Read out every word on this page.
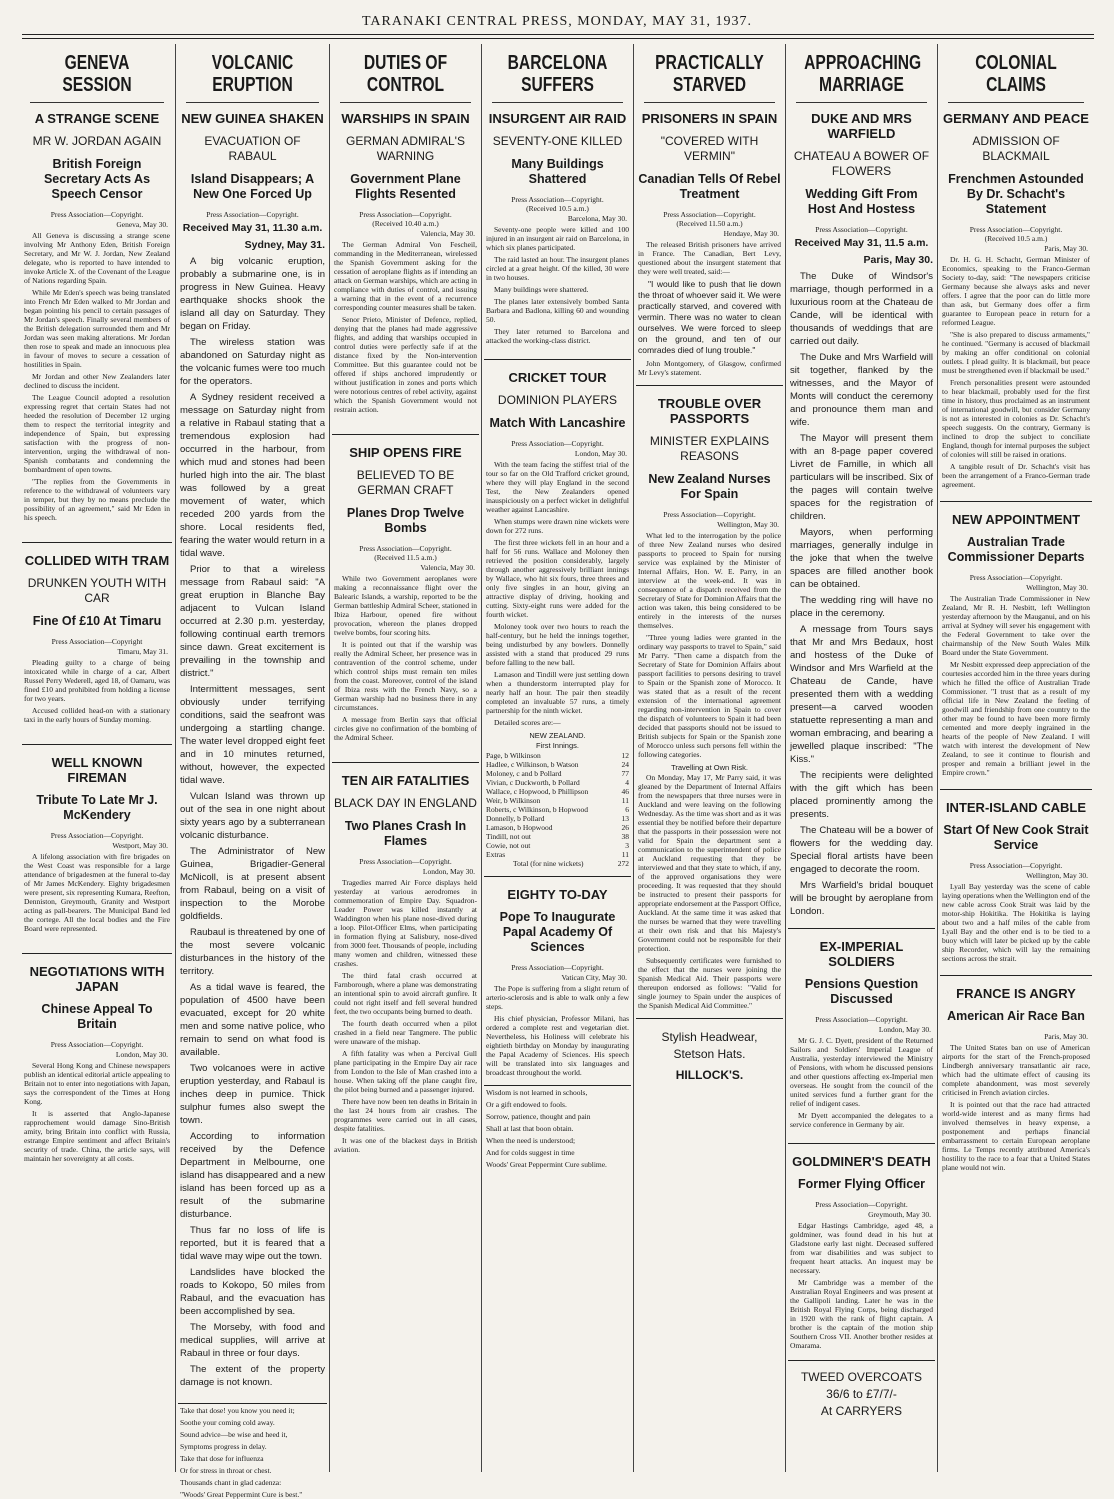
TARANAKI CENTRAL PRESS, MONDAY, MAY 31, 1937.
GENEVA SESSION
A STRANGE SCENE
MR W. JORDAN AGAIN
British Foreign Secretary Acts As Speech Censor
Press Association—Copyright.
Geneva, May 30.

All Geneva is discussing a strange scene involving Mr Anthony Eden, British Foreign Secretary, and Mr W. J. Jordan, New Zealand delegate, who is reported to have intended to invoke Article X. of the Covenant of the League of Nations regarding Spain.

While Mr Eden's speech was being translated into French Mr Eden walked to Mr Jordan and began pointing his pencil to certain passages of Mr Jordan's speech. Finally several members of the British delegation surrounded them and Mr Jordan was seen making alterations. Mr Jordan then rose to speak and made an innocuous plea in favour of moves to secure a cessation of hostilities in Spain.

Mr Jordan and other New Zealanders later declined to discuss the incident.

The League Council adopted a resolution expressing regret that certain States had not heeded the resolution of December 12 urging them to respect the territorial integrity and independence of Spain, but expressing satisfaction with the progress of non-intervention, urging the withdrawal of non-Spanish combatants and condemning the bombardment of open towns.

"The replies from the Governments in reference to the withdrawal of volunteers vary in temper, but they by no means preclude the possibility of an agreement," said Mr Eden in his speech.

COLLIDED WITH TRAM
DRUNKEN YOUTH WITH CAR
Fine Of £10 At Timaru
Press Association—Copyright
Timaru, May 31.

Pleading guilty to a charge of being intoxicated while in charge of a car, Albert Russel Perry Wederell, aged 18, of Oamaru, was fined £10 and prohibited from holding a license for two years.

Accused collided head-on with a stationary taxi in the early hours of Sunday morning.

WELL KNOWN FIREMAN
Tribute To Late Mr J. McKendery
Press Association—Copyright.
Westport, May 30.

A lifelong association with fire brigades on the West Coast was responsible for a large attendance of brigadesmen at the funeral to-day of Mr James McKendery. Eighty brigadesmen were present, six representing Kumara, Reefton, Denniston, Greymouth, Granity and Westport acting as pall-bearers. The Municipal Band led the cortege. All the local bodies and the Fire Board were represented.

NEGOTIATIONS WITH JAPAN
Chinese Appeal To Britain
Press Association—Copyright.
London, May 30.

Several Hong Kong and Chinese newspapers publish an identical editorial article appealing to Britain not to enter into negotiations with Japan, says the correspondent of the Times at Hong Kong.

It is asserted that Anglo-Japanese rapprochement would damage Sino-British amity, bring Britain into conflict with Russia, estrange Empire sentiment and affect Britain's security of trade. China, the article says, will maintain her sovereignty at all costs.

VOLCANIC ERUPTION
NEW GUINEA SHAKEN
EVACUATION OF RABAUL
Island Disappears; A New One Forced Up
Press Association—Copyright.
Received May 31, 11.30 a.m.
Sydney, May 31.

A big volcanic eruption, probably a submarine one, is in progress in New Guinea. Heavy earthquake shocks shook the island all day on Saturday. They began on Friday.

The wireless station was abandoned on Saturday night as the volcanic fumes were too much for the operators.

A Sydney resident received a message on Saturday night from a relative in Rabaul stating that a tremendous explosion had occurred in the harbour, from which mud and stones had been hurled high into the air. The blast was followed by a great movement of water, which receded 200 yards from the shore. Local residents fled, fearing the water would return in a tidal wave.

Prior to that a wireless message from Rabaul said: "A great eruption in Blanche Bay adjacent to Vulcan Island occurred at 2.30 p.m. yesterday, following continual earth tremors since dawn. Great excitement is prevailing in the township and district."

Intermittent messages, sent obviously under terrifying conditions, said the seafront was undergoing a startling change. The water level dropped eight feet and in 10 minutes returned, without, however, the expected tidal wave.

Vulcan Island was thrown up out of the sea in one night about sixty years ago by a subterranean volcanic disturbance.

The Administrator of New Guinea, Brigadier-General McNicoll, is at present absent from Rabaul, being on a visit of inspection to the Morobe goldfields.

Raubaul is threatened by one of the most severe volcanic disturbances in the history of the territory.

As a tidal wave is feared, the population of 4500 have been evacuated, except for 20 white men and some native police, who remain to send on what food is available.

Two volcanoes were in active eruption yesterday, and Rabaul is inches deep in pumice. Thick sulphur fumes also swept the town.

According to information received by the Defence Department in Melbourne, one island has disappeared and a new island has been forced up as a result of the submarine disturbance.

Thus far no loss of life is reported, but it is feared that a tidal wave may wipe out the town.

Landslides have blocked the roads to Kokopo, 50 miles from Rabaul, and the evacuation has been accomplished by sea.

The Morseby, with food and medical supplies, will arrive at Rabaul in three or four days.

The extent of the property damage is not known.

Take that dose! you know you need it;
Soothe your coming cold away.
Sound advice—be wise and heed it,
Symptoms progress in delay.
Take that dose for influenza
Or for stress in throat or chest.
Thousands chant in glad cadenza:
"Woods' Great Peppermint Cure is best."
DUTIES OF CONTROL
WARSHIPS IN SPAIN
GERMAN ADMIRAL'S WARNING
Government Plane Flights Resented
Press Association—Copyright.
(Received 10.40 a.m.)
Valencia, May 30.

The German Admiral Von Fescheil, commanding in the Mediterranean, wirelessed the Spanish Government asking for the cessation of aeroplane flights as if intending an attack on German warships, which are acting in compliance with duties of control, and issuing a warning that in the event of a recurrence corresponding counter measures shall be taken.

Senor Prieto, Minister of Defence, replied, denying that the planes had made aggressive flights, and adding that warships occupied in control duties were perfectly safe if at the distance fixed by the Non-intervention Committee. But this guarantee could not be offered if ships anchored imprudently or without justification in zones and ports which were notorious centres of rebel activity, against which the Spanish Government would not restrain action.

SHIP OPENS FIRE
BELIEVED TO BE GERMAN CRAFT
Planes Drop Twelve Bombs
Press Association—Copyright.
(Received 11.5 a.m.)
Valencia, May 30.

While two Government aeroplanes were making a reconnaissance flight over the Balearic Islands, a warship, reported to be the German battleship Admiral Scheer, stationed in Ibiza Harbour, opened fire without provocation, whereon the planes dropped twelve bombs, four scoring hits.

It is pointed out that if the warship was really the Admiral Scheer, her presence was in contravention of the control scheme, under which control ships must remain ten miles from the coast. Moreover, control of the island of Ibiza rests with the French Navy, so a German warship had no business there in any circumstances.

A message from Berlin says that official circles give no confirmation of the bombing of the Admiral Scheer.

TEN AIR FATALITIES
BLACK DAY IN ENGLAND
Two Planes Crash In Flames
Press Association—Copyright.
London, May 30.

Tragedies marred Air Force displays held yesterday at various aerodromes in commemoration of Empire Day. Squadron-Leader Power was killed instantly at Waddington when his plane nose-dived during a loop. Pilot-Officer Elms, when participating in formation flying at Salisbury, nose-dived from 3000 feet. Thousands of people, including many women and children, witnessed these crashes.

The third fatal crash occurred at Farnborough, where a plane was demonstrating an intentional spin to avoid aircraft gunfire. It could not right itself and fell several hundred feet, the two occupants being burned to death.

The fourth death occurred when a pilot crashed in a field near Tangmere. The public were unaware of the mishap.

A fifth fatality was when a Percival Gull plane participating in the Empire Day air race from London to the Isle of Man crashed into a house. When taking off the plane caught fire, the pilot being burned and a passenger injured.

There have now been ten deaths in Britain in the last 24 hours from air crashes. The programmes were carried out in all cases, despite fatalities.

It was one of the blackest days in British aviation.

BARCELONA SUFFERS
INSURGENT AIR RAID
SEVENTY-ONE KILLED
Many Buildings Shattered
Press Association—Copyright.
(Received 10.5 a.m.)
Barcelona, May 30.

Seventy-one people were killed and 100 injured in an insurgent air raid on Barcelona, in which six planes participated.

The raid lasted an hour. The insurgent planes circled at a great height. Of the killed, 30 were in two houses.

Many buildings were shattered.

The planes later extensively bombed Santa Barbara and Badlona, killing 60 and wounding 50.

They later returned to Barcelona and attacked the working-class district.

CRICKET TOUR
DOMINION PLAYERS
Match With Lancashire
Press Association—Copyright.
London, May 30.

With the team facing the stiffest trial of the tour so far on the Old Trafford cricket ground, where they will play England in the second Test, the New Zealanders opened inauspiciously on a perfect wicket in delightful weather against Lancashire.

When stumps were drawn nine wickets were down for 272 runs.

The first three wickets fell in an hour and a half for 56 runs. Wallace and Moloney then retrieved the position considerably, largely through another aggressively brilliant innings by Wallace, who hit six fours, three threes and only five singles in an hour, giving an attractive display of driving, hooking and cutting. Sixty-eight runs were added for the fourth wicket.

Moloney took over two hours to reach the half-century, but he held the innings together, being undisturbed by any bowlers. Donnelly assisted with a stand that produced 29 runs before falling to the new ball.

Lamason and Tindill were just settling down when a thunderstorm interrupted play for nearly half an hour. The pair then steadily completed an invaluable 57 runs, a timely partnership for the ninth wicket.

Detailed scores are:—

NEW ZEALAND.
First Innings.
Page, b Wilkinson	12
Hadlee, c Wilkinson, b Watson	24
Moloney, c and b Pollard	77
Vivian, c Duckworth, b Pollard	4
Wallace, c Hopwood, b Phillipson	46
Weir, b Wilkinson	11
Roberts, c Wilkinson, b Hopwood	6
Donnelly, b Pollard	13
Lamason, b Hopwood	26
Tindill, not out	38
Cowie, not out	3
Extras	11
Total (for nine wickets)	272
EIGHTY TO-DAY
Pope To Inaugurate Papal Academy Of Sciences
Press Association—Copyright.
Vatican City, May 30.

The Pope is suffering from a slight return of arterio-sclerosis and is able to walk only a few steps.

His chief physician, Professor Milani, has ordered a complete rest and vegetarian diet. Nevertheless, his Holiness will celebrate his eightieth birthday on Monday by inaugurating the Papal Academy of Sciences. His speech will be translated into six languages and broadcast throughout the world.

Wisdom is not learned in schools,
Or a gift endowed to fools.
Sorrow, patience, thought and pain
Shall at last that boon obtain.
When the need is understood;
And for colds suggest in time
Woods' Great Peppermint Cure sublime.
PRACTICALLY STARVED
PRISONERS IN SPAIN
"COVERED WITH VERMIN"
Canadian Tells Of Rebel Treatment
Press Association—Copyright.
(Received 11.50 a.m.)
Hendaye, May 30.

The released British prisoners have arrived in France. The Canadian, Bert Levy, questioned about the insurgent statement that they were well treated, said:—

"I would like to push that lie down the throat of whoever said it. We were practically starved, and covered with vermin. There was no water to clean ourselves. We were forced to sleep on the ground, and ten of our comrades died of lung trouble."

John Montgomery, of Glasgow, confirmed Mr Levy's statement.

TROUBLE OVER PASSPORTS
MINISTER EXPLAINS REASONS
New Zealand Nurses For Spain
Press Association—Copyright.
Wellington, May 30.

What led to the interrogation by the police of three New Zealand nurses who desired passports to proceed to Spain for nursing service was explained by the Minister of Internal Affairs, Hon. W. E. Parry, in an interview at the week-end. It was in consequence of a dispatch received from the Secretary of State for Dominion Affairs that the action was taken, this being considered to be entirely in the interests of the nurses themselves.

"Three young ladies were granted in the ordinary way passports to travel to Spain," said Mr Parry. "Then came a dispatch from the Secretary of State for Dominion Affairs about passport facilities to persons desiring to travel to Spain or the Spanish zone of Morocco. It was stated that as a result of the recent extension of the international agreement regarding non-intervention in Spain to cover the dispatch of volunteers to Spain it had been decided that passports should not be issued to British subjects for Spain or the Spanish zone of Morocco unless such persons fell within the following categories.

Travelling at Own Risk.

On Monday, May 17, Mr Parry said, it was gleaned by the Department of Internal Affairs from the newspapers that three nurses were in Auckland and were leaving on the following Wednesday. As the time was short and as it was essential they be notified before their departure that the passports in their possession were not valid for Spain the department sent a communication to the superintendent of police at Auckland requesting that they be interviewed and that they state to which, if any, of the approved organisations they were proceeding. It was requested that they should be instructed to present their passports for appropriate endorsement at the Passport Office, Auckland. At the same time it was asked that the nurses be warned that they were travelling at their own risk and that his Majesty's Government could not be responsible for their protection.

Subsequently certificates were furnished to the effect that the nurses were joining the Spanish Medical Aid. Their passports were thereupon endorsed as follows: "Valid for single journey to Spain under the auspices of the Spanish Medical Aid Committee."

Stylish Headwear,
Stetson Hats.
HILLOCK'S.
APPROACHING MARRIAGE
DUKE AND MRS WARFIELD
CHATEAU A BOWER OF FLOWERS
Wedding Gift From Host And Hostess
Press Association—Copyright.
Received May 31, 11.5 a.m.
Paris, May 30.

The Duke of Windsor's marriage, though performed in a luxurious room at the Chateau de Cande, will be identical with thousands of weddings that are carried out daily.

The Duke and Mrs Warfield will sit together, flanked by the witnesses, and the Mayor of Monts will conduct the ceremony and pronounce them man and wife.

The Mayor will present them with an 8-page paper covered Livret de Famille, in which all particulars will be inscribed. Six of the pages will contain twelve spaces for the registration of children.

Mayors, when performing marriages, generally indulge in the joke that when the twelve spaces are filled another book can be obtained.

The wedding ring will have no place in the ceremony.

A message from Tours says that Mr and Mrs Bedaux, host and hostess of the Duke of Windsor and Mrs Warfield at the Chateau de Cande, have presented them with a wedding present—a carved wooden statuette representing a man and woman embracing, and bearing a jewelled plaque inscribed: "The Kiss."

The recipients were delighted with the gift which has been placed prominently among the presents.

The Chateau will be a bower of flowers for the wedding day. Special floral artists have been engaged to decorate the room.

Mrs Warfield's bridal bouquet will be brought by aeroplane from London.

EX-IMPERIAL SOLDIERS
Pensions Question Discussed
Press Association—Copyright.
London, May 30.

Mr G. J. C. Dyett, president of the Returned Sailors and Soldiers' Imperial League of Australia, yesterday interviewed the Ministry of Pensions, with whom he discussed pensions and other questions affecting ex-Imperial men overseas. He sought from the council of the united services fund a further grant for the relief of indigent cases.

Mr Dyett accompanied the delegates to a service conference in Germany by air.

GOLDMINER'S DEATH
Former Flying Officer
Press Association—Copyright.
Greymouth, May 30.

Edgar Hastings Cambridge, aged 48, a goldminer, was found dead in his hut at Gladstone early last night. Deceased suffered from war disabilities and was subject to frequent heart attacks. An inquest may be necessary.

Mr Cambridge was a member of the Australian Royal Engineers and was present at the Gallipoli landing. Later he was in the British Royal Flying Corps, being discharged in 1920 with the rank of flight captain. A brother is the captain of the motion ship Southern Cross VII. Another brother resides at Omarama.

TWEED OVERCOATS
36/6 to £7/7/-
At CARRYERS
COLONIAL CLAIMS
GERMANY AND PEACE
ADMISSION OF BLACKMAIL
Frenchmen Astounded By Dr. Schacht's Statement
Press Association—Copyright.
(Received 10.5 a.m.)
Paris, May 30.

Dr. H. G. H. Schacht, German Minister of Economics, speaking to the Franco-German Society to-day, said: "The newspapers criticise Germany because she always asks and never offers. I agree that the poor can do little more than ask, but Germany does offer a firm guarantee to European peace in return for a reformed League.

"She is also prepared to discuss armaments," he continued. "Germany is accused of blackmail by making an offer conditional on colonial outlets. I plead guilty. It is blackmail, but peace must be strengthened even if blackmail be used."

French personalities present were astounded to hear blackmail, probably used for the first time in history, thus proclaimed as an instrument of international goodwill, but consider Germany is not as interested in colonies as Dr. Schacht's speech suggests. On the contrary, Germany is inclined to drop the subject to conciliate England, though for internal purposes the subject of colonies will still be raised in orations.

A tangible result of Dr. Schacht's visit has been the arrangement of a Franco-German trade agreement.

NEW APPOINTMENT
Australian Trade Commissioner Departs
Press Association—Copyright.
Wellington, May 30.

The Australian Trade Commissioner in New Zealand, Mr R. H. Nesbitt, left Wellington yesterday afternoon by the Mauganui, and on his arrival at Sydney will sever his engagement with the Federal Government to take over the chairmanship of the New South Wales Milk Board under the State Government.

Mr Nesbitt expressed deep appreciation of the courtesies accorded him in the three years during which he filled the office of Australian Trade Commissioner. "I trust that as a result of my official life in New Zealand the feeling of goodwill and friendship from one country to the other may be found to have been more firmly cemented and more deeply ingrained in the hearts of the people of New Zealand. I will watch with interest the development of New Zealand, to see it continue to flourish and prosper and remain a brilliant jewel in the Empire crown."

INTER-ISLAND CABLE
Start Of New Cook Strait Service
Press Association—Copyright.
Wellington, May 30.

Lyall Bay yesterday was the scene of cable laying operations when the Wellington end of the new cable across Cook Strait was laid by the motor-ship Hokitika. The Hokitika is laying about two and a half miles of the cable from Lyall Bay and the other end is to be tied to a buoy which will later be picked up by the cable ship Recorder, which will lay the remaining sections across the strait.

FRANCE IS ANGRY
American Air Race Ban
Paris, May 30.

The United States ban on use of American airports for the start of the French-proposed Lindbergh anniversary transatlantic air race, which had the ultimate effect of causing its complete abandonment, was most severely criticised in French aviation circles.

It is pointed out that the race had attracted world-wide interest and as many firms had involved themselves in heavy expense, a postponement and perhaps financial embarrassment to certain European aeroplane firms. Le Temps recently attributed America's hostility to the race to a fear that a United States plane would not win.
